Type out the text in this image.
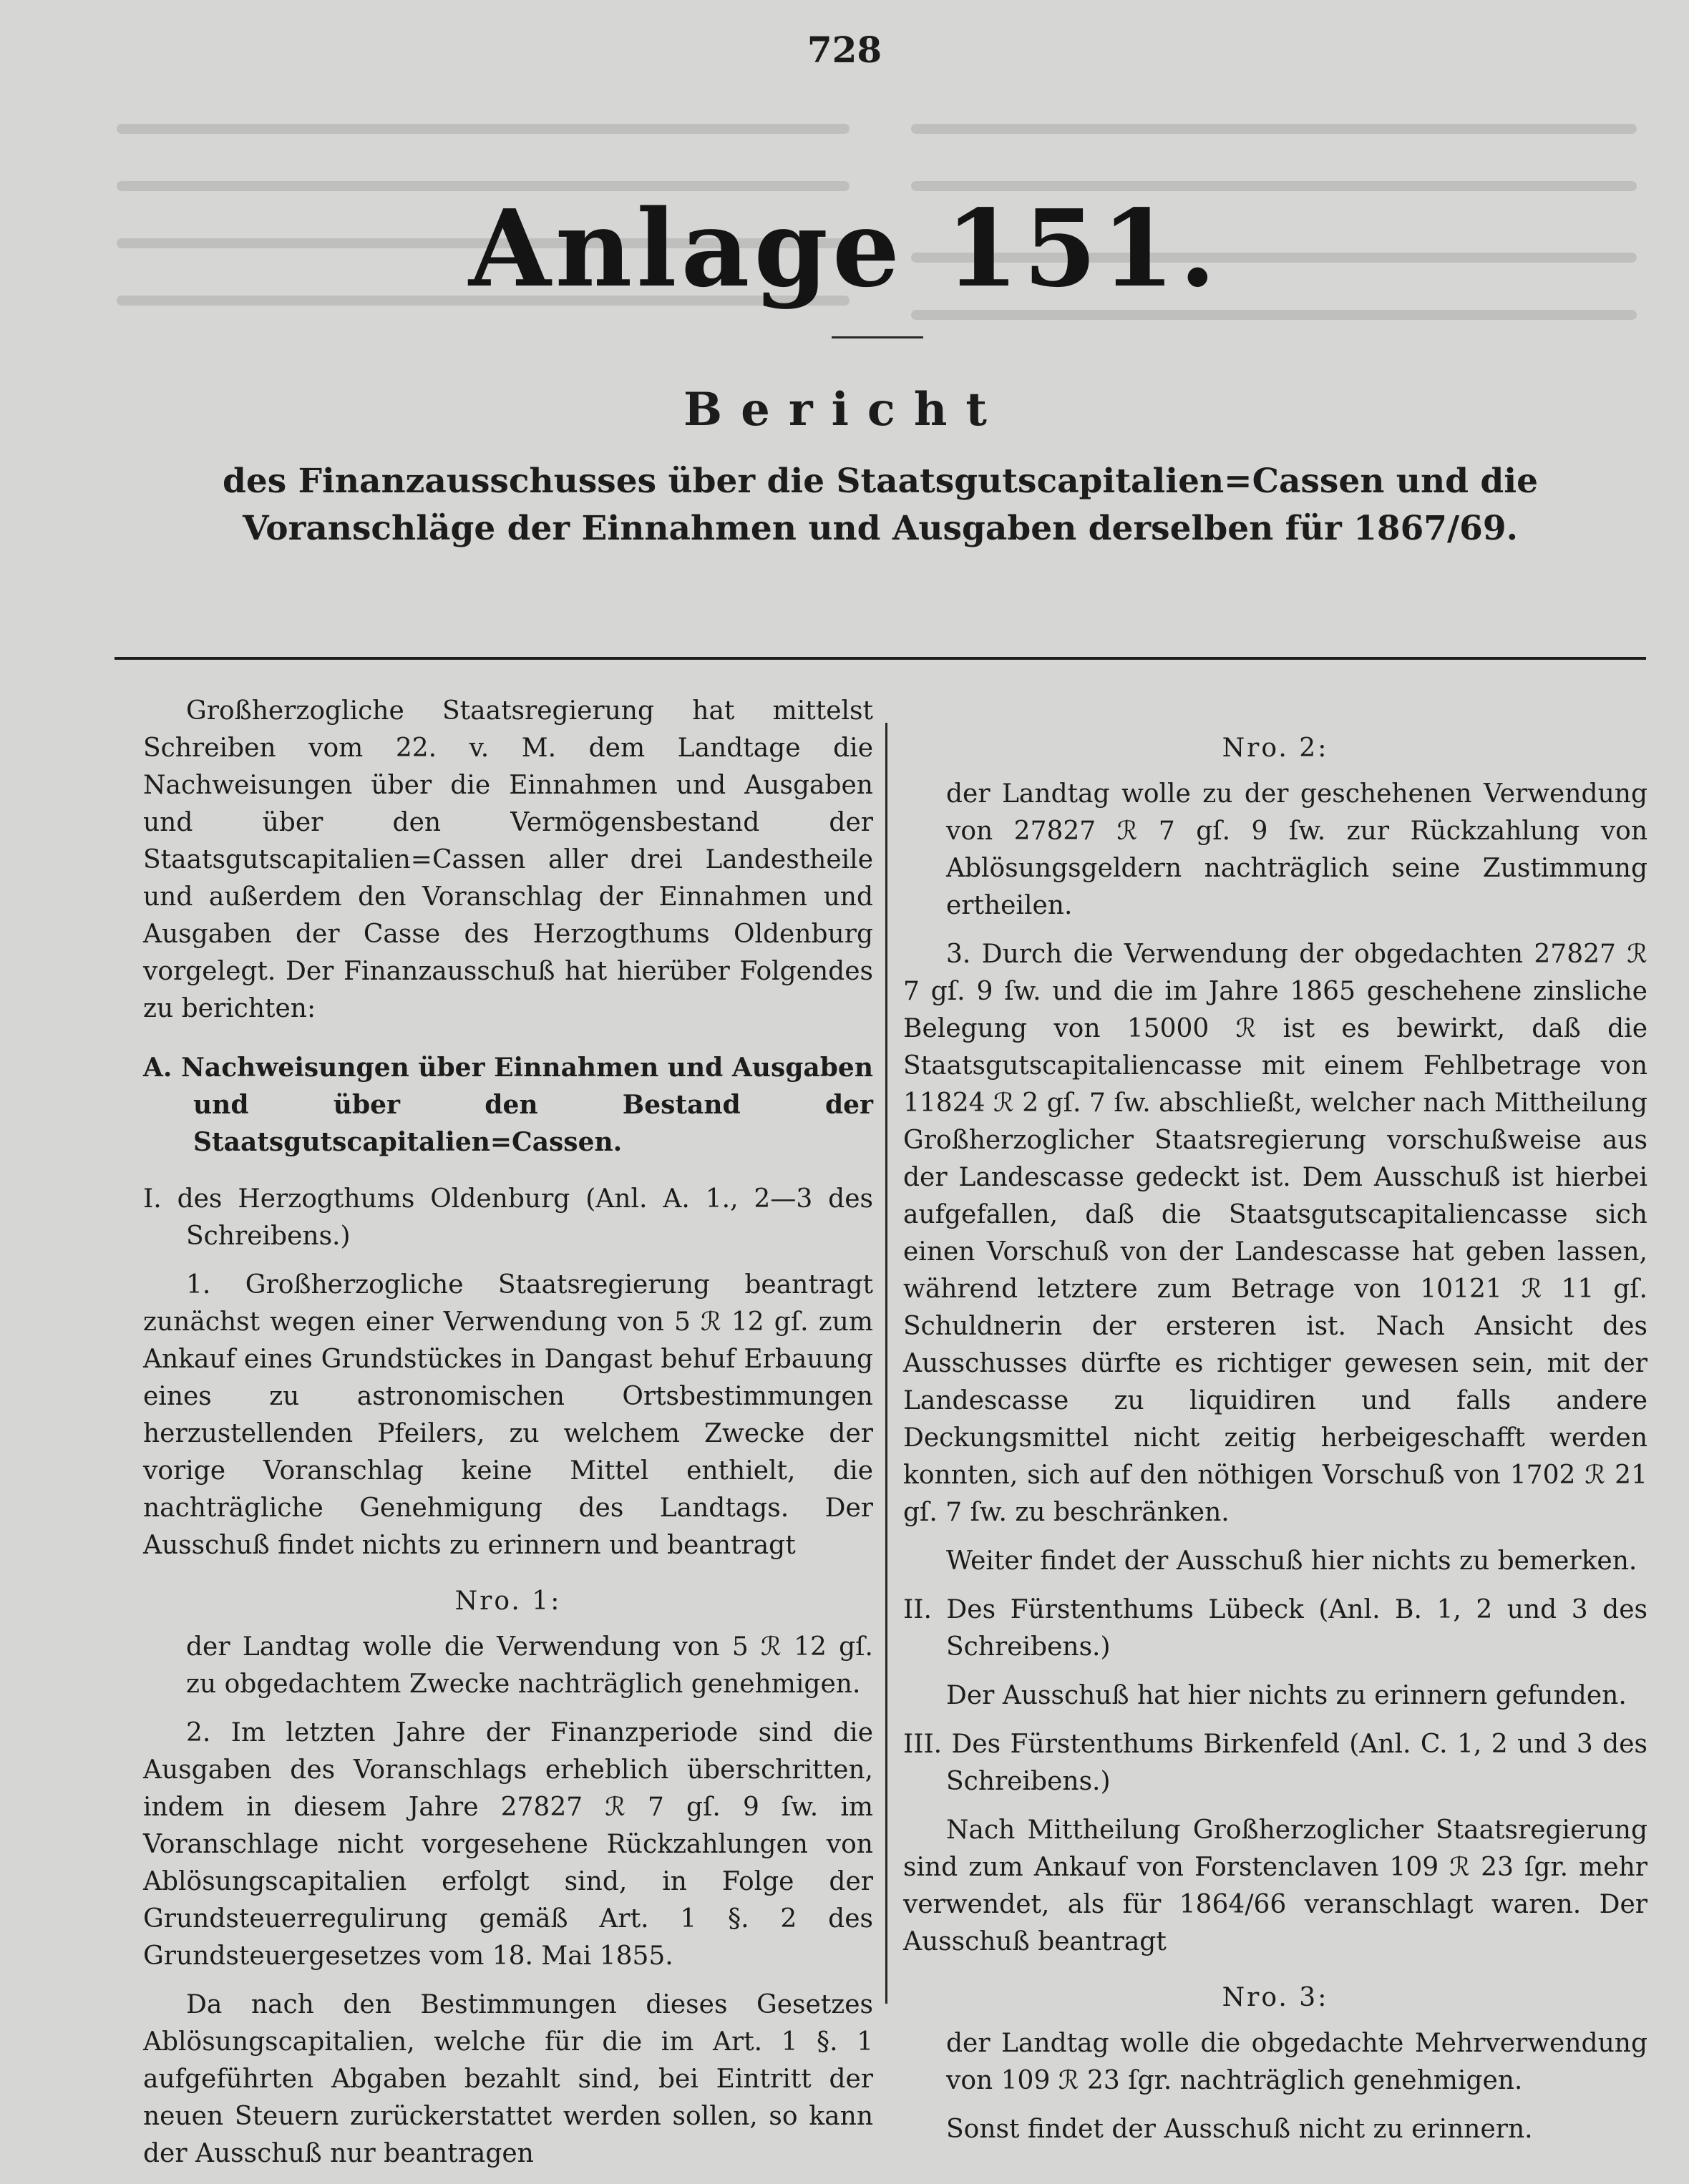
728
Anlage 151.
Bericht
des Finanzausschusses über die Staatsgutscapitalien=Cassen und die Voranschläge der Einnahmen und Ausgaben derselben für 1867/69.

Großherzogliche Staatsregierung hat mittelst Schreiben vom 22. v. M. dem Landtage die Nachweisungen über die Einnahmen und Ausgaben und über den Vermögensbestand der Staatsgutscapitalien=Cassen aller drei Landestheile und außerdem den Voranschlag der Einnahmen und Ausgaben der Casse des Herzogthums Oldenburg vorgelegt. Der Finanzausschuß hat hierüber Folgendes zu berichten:

A. Nachweisungen über Einnahmen und Ausgaben und über den Bestand der Staatsgutscapitalien=Cassen.

I. des Herzogthums Oldenburg (Anl. A. 1., 2—3 des Schreibens.)

1. Großherzogliche Staatsregierung beantragt zunächst wegen einer Verwendung von 5 ℛ 12 gſ. zum Ankauf eines Grundstückes in Dangast behuf Erbauung eines zu astronomischen Ortsbestimmungen herzustellenden Pfeilers, zu welchem Zwecke der vorige Voranschlag keine Mittel enthielt, die nachträgliche Genehmigung des Landtags. Der Ausschuß findet nichts zu erinnern und beantragt

Nro. 1:

der Landtag wolle die Verwendung von 5 ℛ 12 gſ. zu obgedachtem Zwecke nachträglich genehmigen.

2. Im letzten Jahre der Finanzperiode sind die Ausgaben des Voranschlags erheblich überschritten, indem in diesem Jahre 27827 ℛ 7 gſ. 9 ſw. im Voranschlage nicht vorgesehene Rückzahlungen von Ablösungscapitalien erfolgt sind, in Folge der Grundsteuerregulirung gemäß Art. 1 §. 2 des Grundsteuergesetzes vom 18. Mai 1855.

Da nach den Bestimmungen dieses Gesetzes Ablösungscapitalien, welche für die im Art. 1 §. 1 aufgeführten Abgaben bezahlt sind, bei Eintritt der neuen Steuern zurückerstattet werden sollen, so kann der Ausschuß nur beantragen

Nro. 2:

der Landtag wolle zu der geschehenen Verwendung von 27827 ℛ 7 gſ. 9 ſw. zur Rückzahlung von Ablösungsgeldern nachträglich seine Zustimmung ertheilen.

3. Durch die Verwendung der obgedachten 27827 ℛ 7 gſ. 9 ſw. und die im Jahre 1865 geschehene zinsliche Belegung von 15000 ℛ ist es bewirkt, daß die Staatsgutscapitaliencasse mit einem Fehlbetrage von 11824 ℛ 2 gſ. 7 ſw. abschließt, welcher nach Mittheilung Großherzoglicher Staatsregierung vorschußweise aus der Landescasse gedeckt ist. Dem Ausschuß ist hierbei aufgefallen, daß die Staatsgutscapitaliencasse sich einen Vorschuß von der Landescasse hat geben lassen, während letztere zum Betrage von 10121 ℛ 11 gſ. Schuldnerin der ersteren ist. Nach Ansicht des Ausschusses dürfte es richtiger gewesen sein, mit der Landescasse zu liquidiren und falls andere Deckungsmittel nicht zeitig herbeigeschafft werden konnten, sich auf den nöthigen Vorschuß von 1702 ℛ 21 gſ. 7 ſw. zu beschränken.

Weiter findet der Ausschuß hier nichts zu bemerken.

II. Des Fürstenthums Lübeck (Anl. B. 1, 2 und 3 des Schreibens.)

Der Ausschuß hat hier nichts zu erinnern gefunden.

III. Des Fürstenthums Birkenfeld (Anl. C. 1, 2 und 3 des Schreibens.)

Nach Mittheilung Großherzoglicher Staatsregierung sind zum Ankauf von Forstenclaven 109 ℛ 23 ſgr. mehr verwendet, als für 1864/66 veranschlagt waren. Der Ausschuß beantragt

Nro. 3:

der Landtag wolle die obgedachte Mehrverwendung von 109 ℛ 23 ſgr. nachträglich genehmigen.

Sonst findet der Ausschuß nicht zu erinnern.
